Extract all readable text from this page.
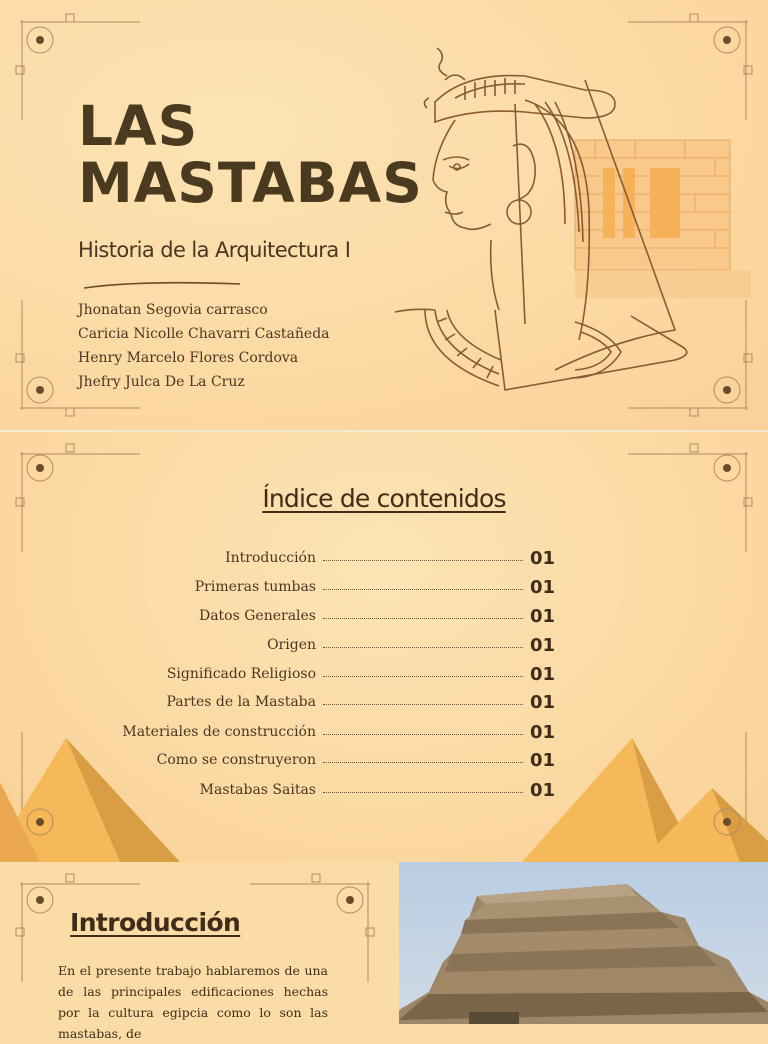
LAS
MASTABAS
Historia de la Arquitectura I
Jhonatan Segovia carrasco
Caricia Nicolle Chavarri Castañeda
Henry Marcelo Flores Cordova
Jhefry Julca De La Cruz
Índice de contenidos
Introducción	01
Primeras tumbas	01
Datos Generales	01
Origen	01
Significado Religioso	01
Partes de la Mastaba	01
Materiales de construcción	01
Como se construyeron	01
Mastabas Saitas	01
Introducción
En el presente trabajo hablaremos de una de las principales edificaciones hechas por la cultura egipcia como lo son las mastabas, de
